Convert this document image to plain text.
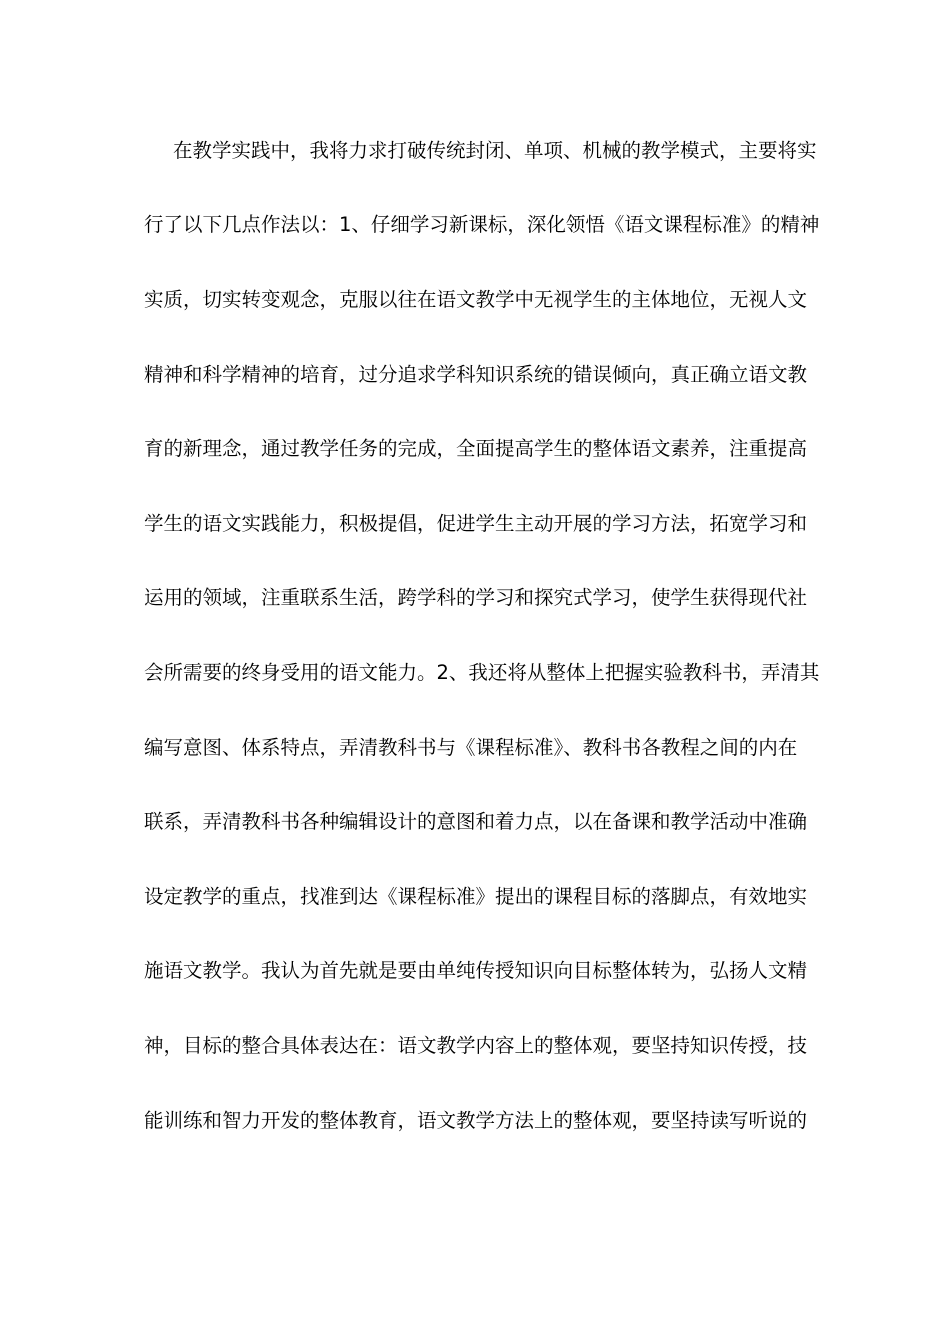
在教学实践中，我将力求打破传统封闭、单项、机械的教学模式，主要将实
行了以下几点作法以：1、仔细学习新课标，深化领悟《语文课程标准》的精神
实质，切实转变观念，克服以往在语文教学中无视学生的主体地位，无视人文
精神和科学精神的培育，过分追求学科知识系统的错误倾向，真正确立语文教
育的新理念，通过教学任务的完成，全面提高学生的整体语文素养，注重提高
学生的语文实践能力，积极提倡，促进学生主动开展的学习方法，拓宽学习和
运用的领域，注重联系生活，跨学科的学习和探究式学习，使学生获得现代社
会所需要的终身受用的语文能力。2、我还将从整体上把握实验教科书，弄清其
编写意图、体系特点，弄清教科书与《课程标准》、教科书各教程之间的内在
联系，弄清教科书各种编辑设计的意图和着力点，以在备课和教学活动中准确
设定教学的重点，找准到达《课程标准》提出的课程目标的落脚点，有效地实
施语文教学。我认为首先就是要由单纯传授知识向目标整体转为，弘扬人文精
神，目标的整合具体表达在：语文教学内容上的整体观，要坚持知识传授，技
能训练和智力开发的整体教育，语文教学方法上的整体观，要坚持读写听说的
